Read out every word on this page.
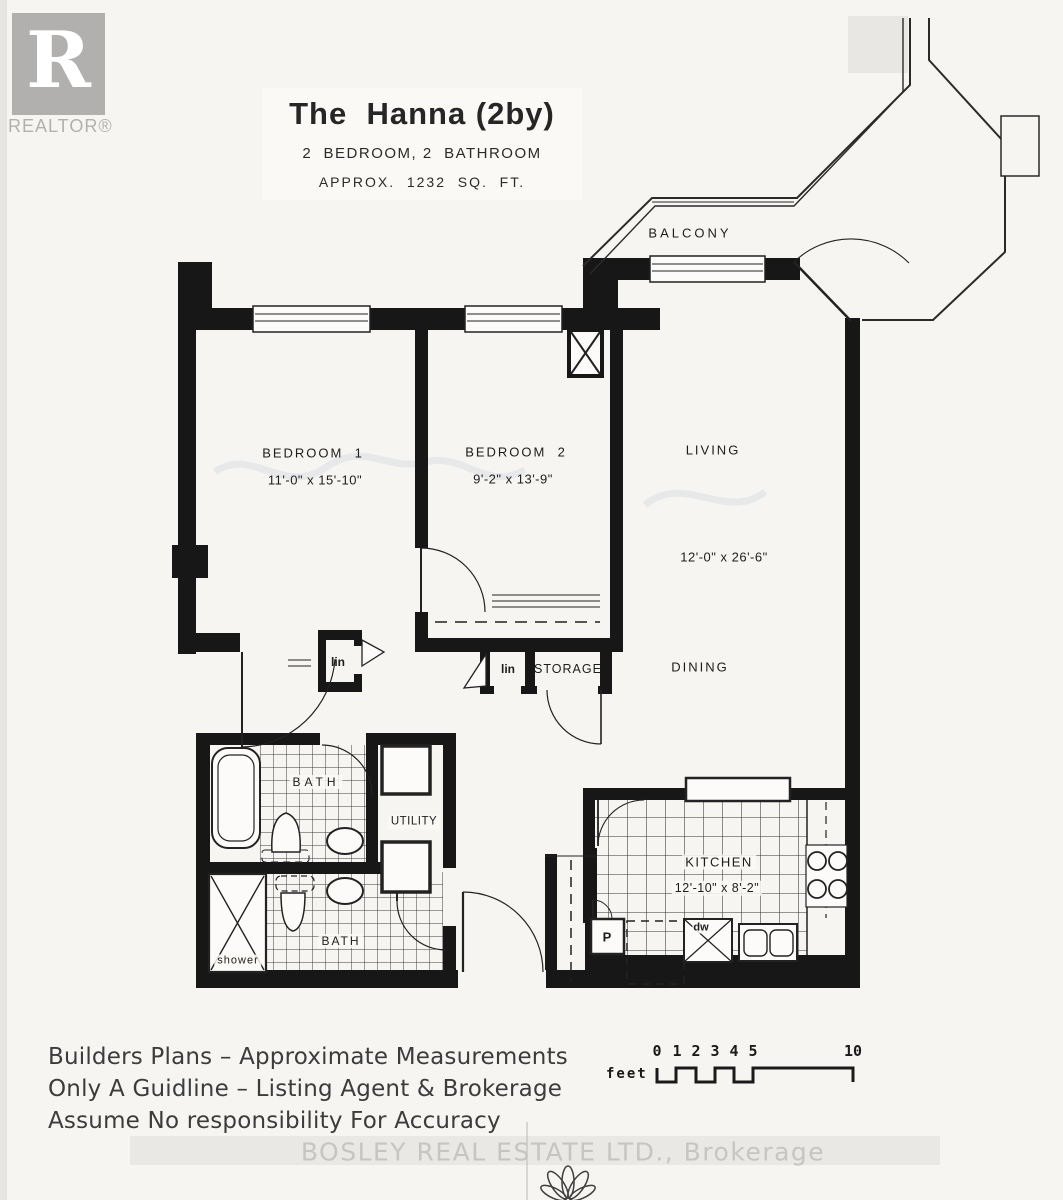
R
REALTOR®	The  Hanna (2by)
2  BEDROOM, 2  BATHROOM
APPROX.  1232  SQ.  FT.
BALCONY
BEDROOM  1
11'-0" x 15'-10"
BEDROOM  2
9'-2" x 13'-9"
LIVING
12'-0" x 26'-6"
DINING
KITCHEN
12'-10" x 8'-2"
BATH
BATH
UTILITY
STORAGE
lin	lin
shower
P
dw
feet
0 1 2 3 4 5	10
Builders Plans – Approximate Measurements
Only A Guidline – Listing Agent & Brokerage
Assume No responsibility For Accuracy
BOSLEY REAL ESTATE LTD., Brokerage
